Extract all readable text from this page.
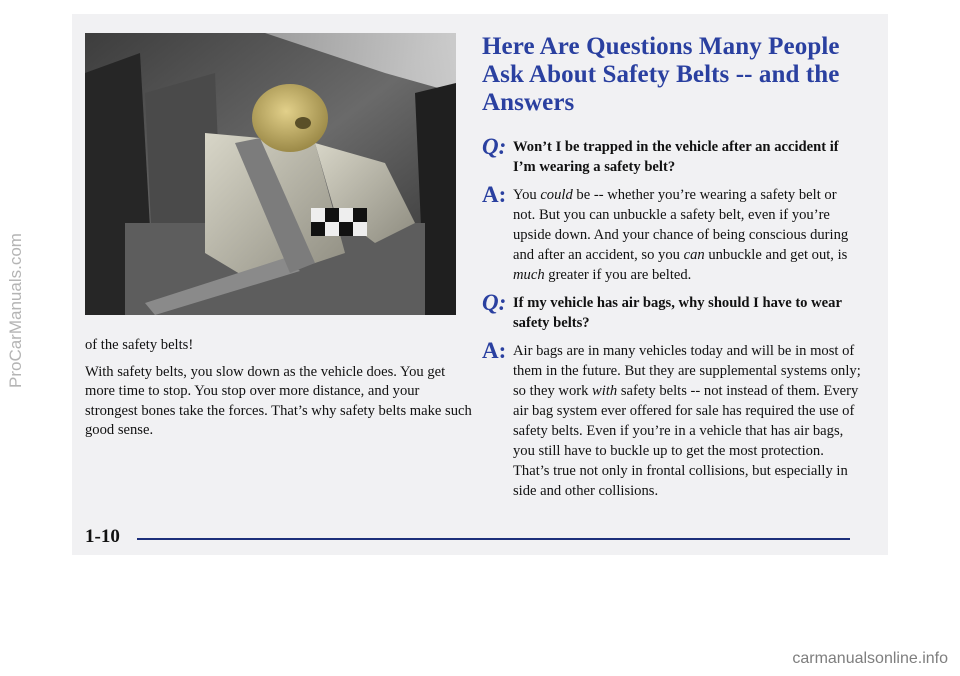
of the safety belts!

With safety belts, you slow down as the vehicle does. You get more time to stop. You stop over more distance, and your strongest bones take the forces. That’s why safety belts make such good sense.

Here Are Questions Many People Ask About Safety Belts -- and the Answers
Q: Won’t I be trapped in the vehicle after an accident if I’m wearing a safety belt?
A: You could be -- whether you’re wearing a safety belt or not. But you can unbuckle a safety belt, even if you’re upside down. And your chance of being conscious during and after an accident, so you can unbuckle and get out, is much greater if you are belted.
Q: If my vehicle has air bags, why should I have to wear safety belts?
A: Air bags are in many vehicles today and will be in most of them in the future. But they are supplemental systems only; so they work with safety belts -- not instead of them. Every air bag system ever offered for sale has required the use of safety belts. Even if you’re in a vehicle that has air bags, you still have to buckle up to get the most protection. That’s true not only in frontal collisions, but especially in side and other collisions.
1-10
ProCarManuals.com
carmanualsonline.info
